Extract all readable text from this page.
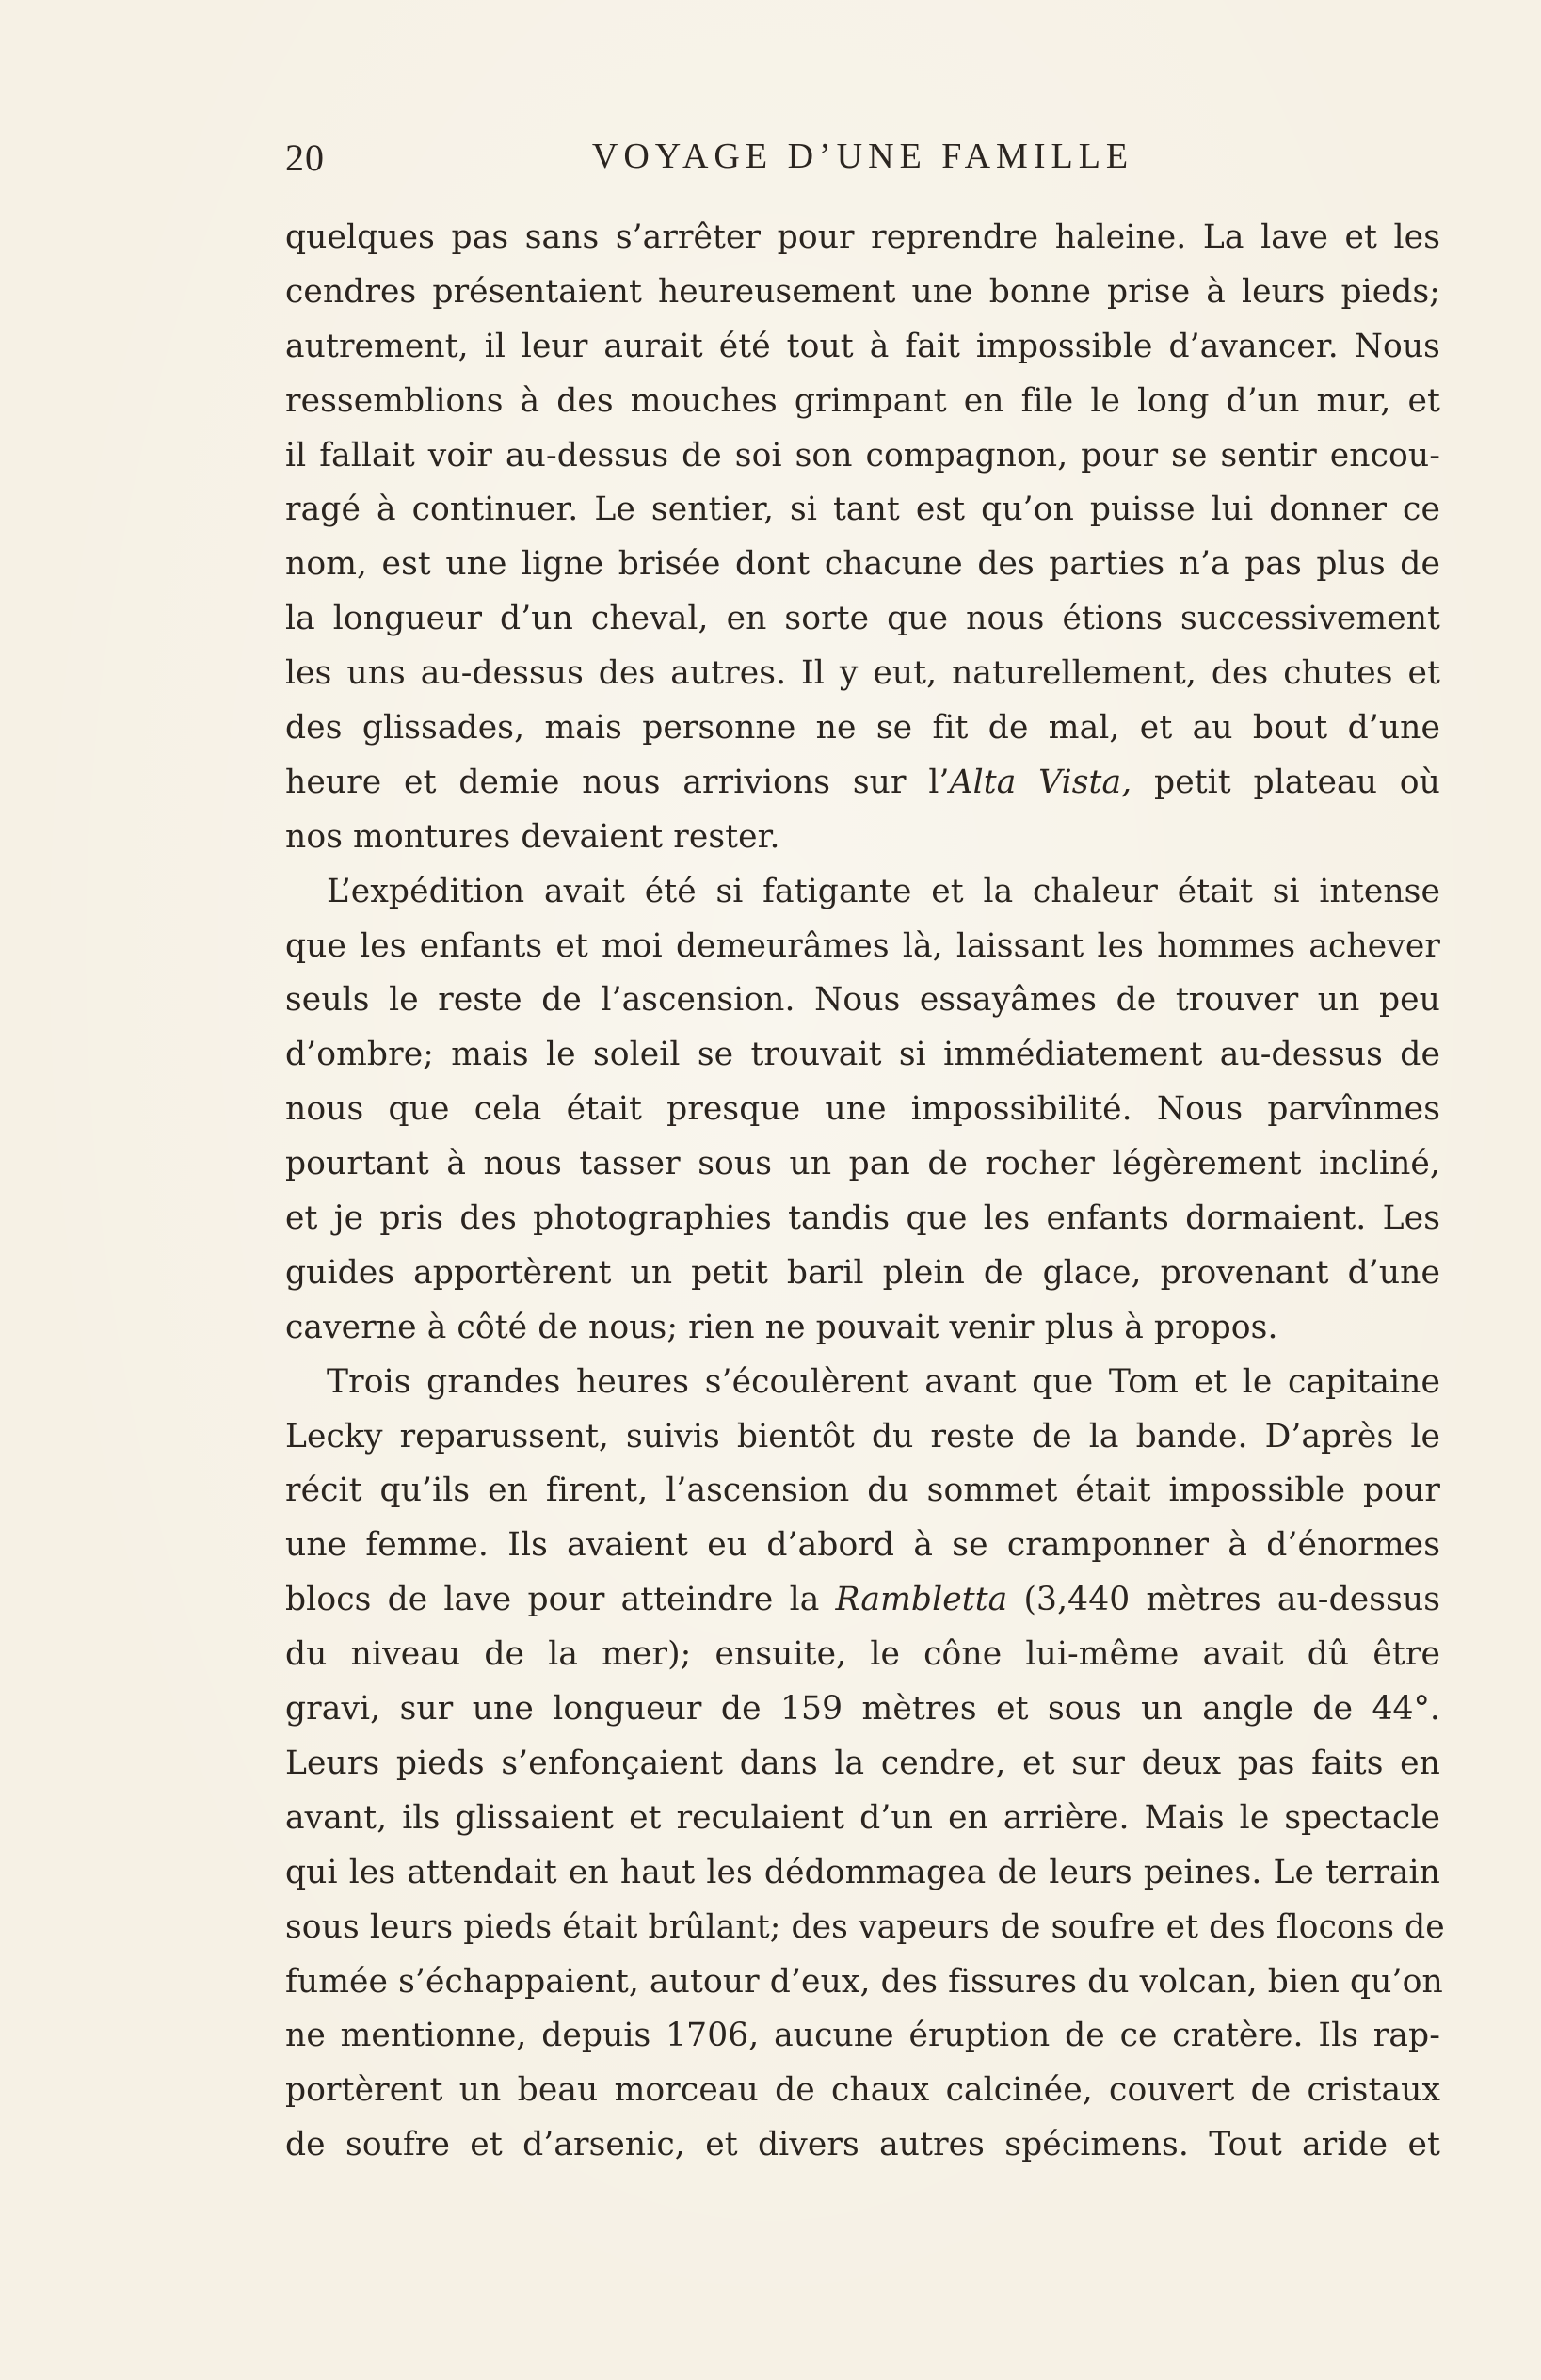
20	VOYAGE D’UNE FAMILLE
quelques pas sans s’arrêter pour reprendre haleine. La lave et les
cendres présentaient heureusement une bonne prise à leurs pieds;
autrement, il leur aurait été tout à fait impossible d’avancer. Nous
ressemblions à des mouches grimpant en file le long d’un mur, et
il fallait voir au-dessus de soi son compagnon, pour se sentir encou-
ragé à continuer. Le sentier, si tant est qu’on puisse lui donner ce
nom, est une ligne brisée dont chacune des parties n’a pas plus de
la longueur d’un cheval, en sorte que nous étions successivement
les uns au-dessus des autres. Il y eut, naturellement, des chutes et
des glissades, mais personne ne se fit de mal, et au bout d’une
heure et demie nous arrivions sur l’Alta Vista, petit plateau où
nos montures devaient rester.
L’expédition avait été si fatigante et la chaleur était si intense
que les enfants et moi demeurâmes là, laissant les hommes achever
seuls le reste de l’ascension. Nous essayâmes de trouver un peu
d’ombre; mais le soleil se trouvait si immédiatement au-dessus de
nous que cela était presque une impossibilité. Nous parvînmes
pourtant à nous tasser sous un pan de rocher légèrement incliné,
et je pris des photographies tandis que les enfants dormaient. Les
guides apportèrent un petit baril plein de glace, provenant d’une
caverne à côté de nous; rien ne pouvait venir plus à propos.
Trois grandes heures s’écoulèrent avant que Tom et le capitaine
Lecky reparussent, suivis bientôt du reste de la bande. D’après le
récit qu’ils en firent, l’ascension du sommet était impossible pour
une femme. Ils avaient eu d’abord à se cramponner à d’énormes
blocs de lave pour atteindre la Rambletta (3,440 mètres au-dessus
du niveau de la mer); ensuite, le cône lui-même avait dû être
gravi, sur une longueur de 159 mètres et sous un angle de 44°.
Leurs pieds s’enfonçaient dans la cendre, et sur deux pas faits en
avant, ils glissaient et reculaient d’un en arrière. Mais le spectacle
qui les attendait en haut les dédommagea de leurs peines. Le terrain
sous leurs pieds était brûlant; des vapeurs de soufre et des flocons de
fumée s’échappaient, autour d’eux, des fissures du volcan, bien qu’on
ne mentionne, depuis 1706, aucune éruption de ce cratère. Ils rap-
portèrent un beau morceau de chaux calcinée, couvert de cristaux
de soufre et d’arsenic, et divers autres spécimens. Tout aride et
